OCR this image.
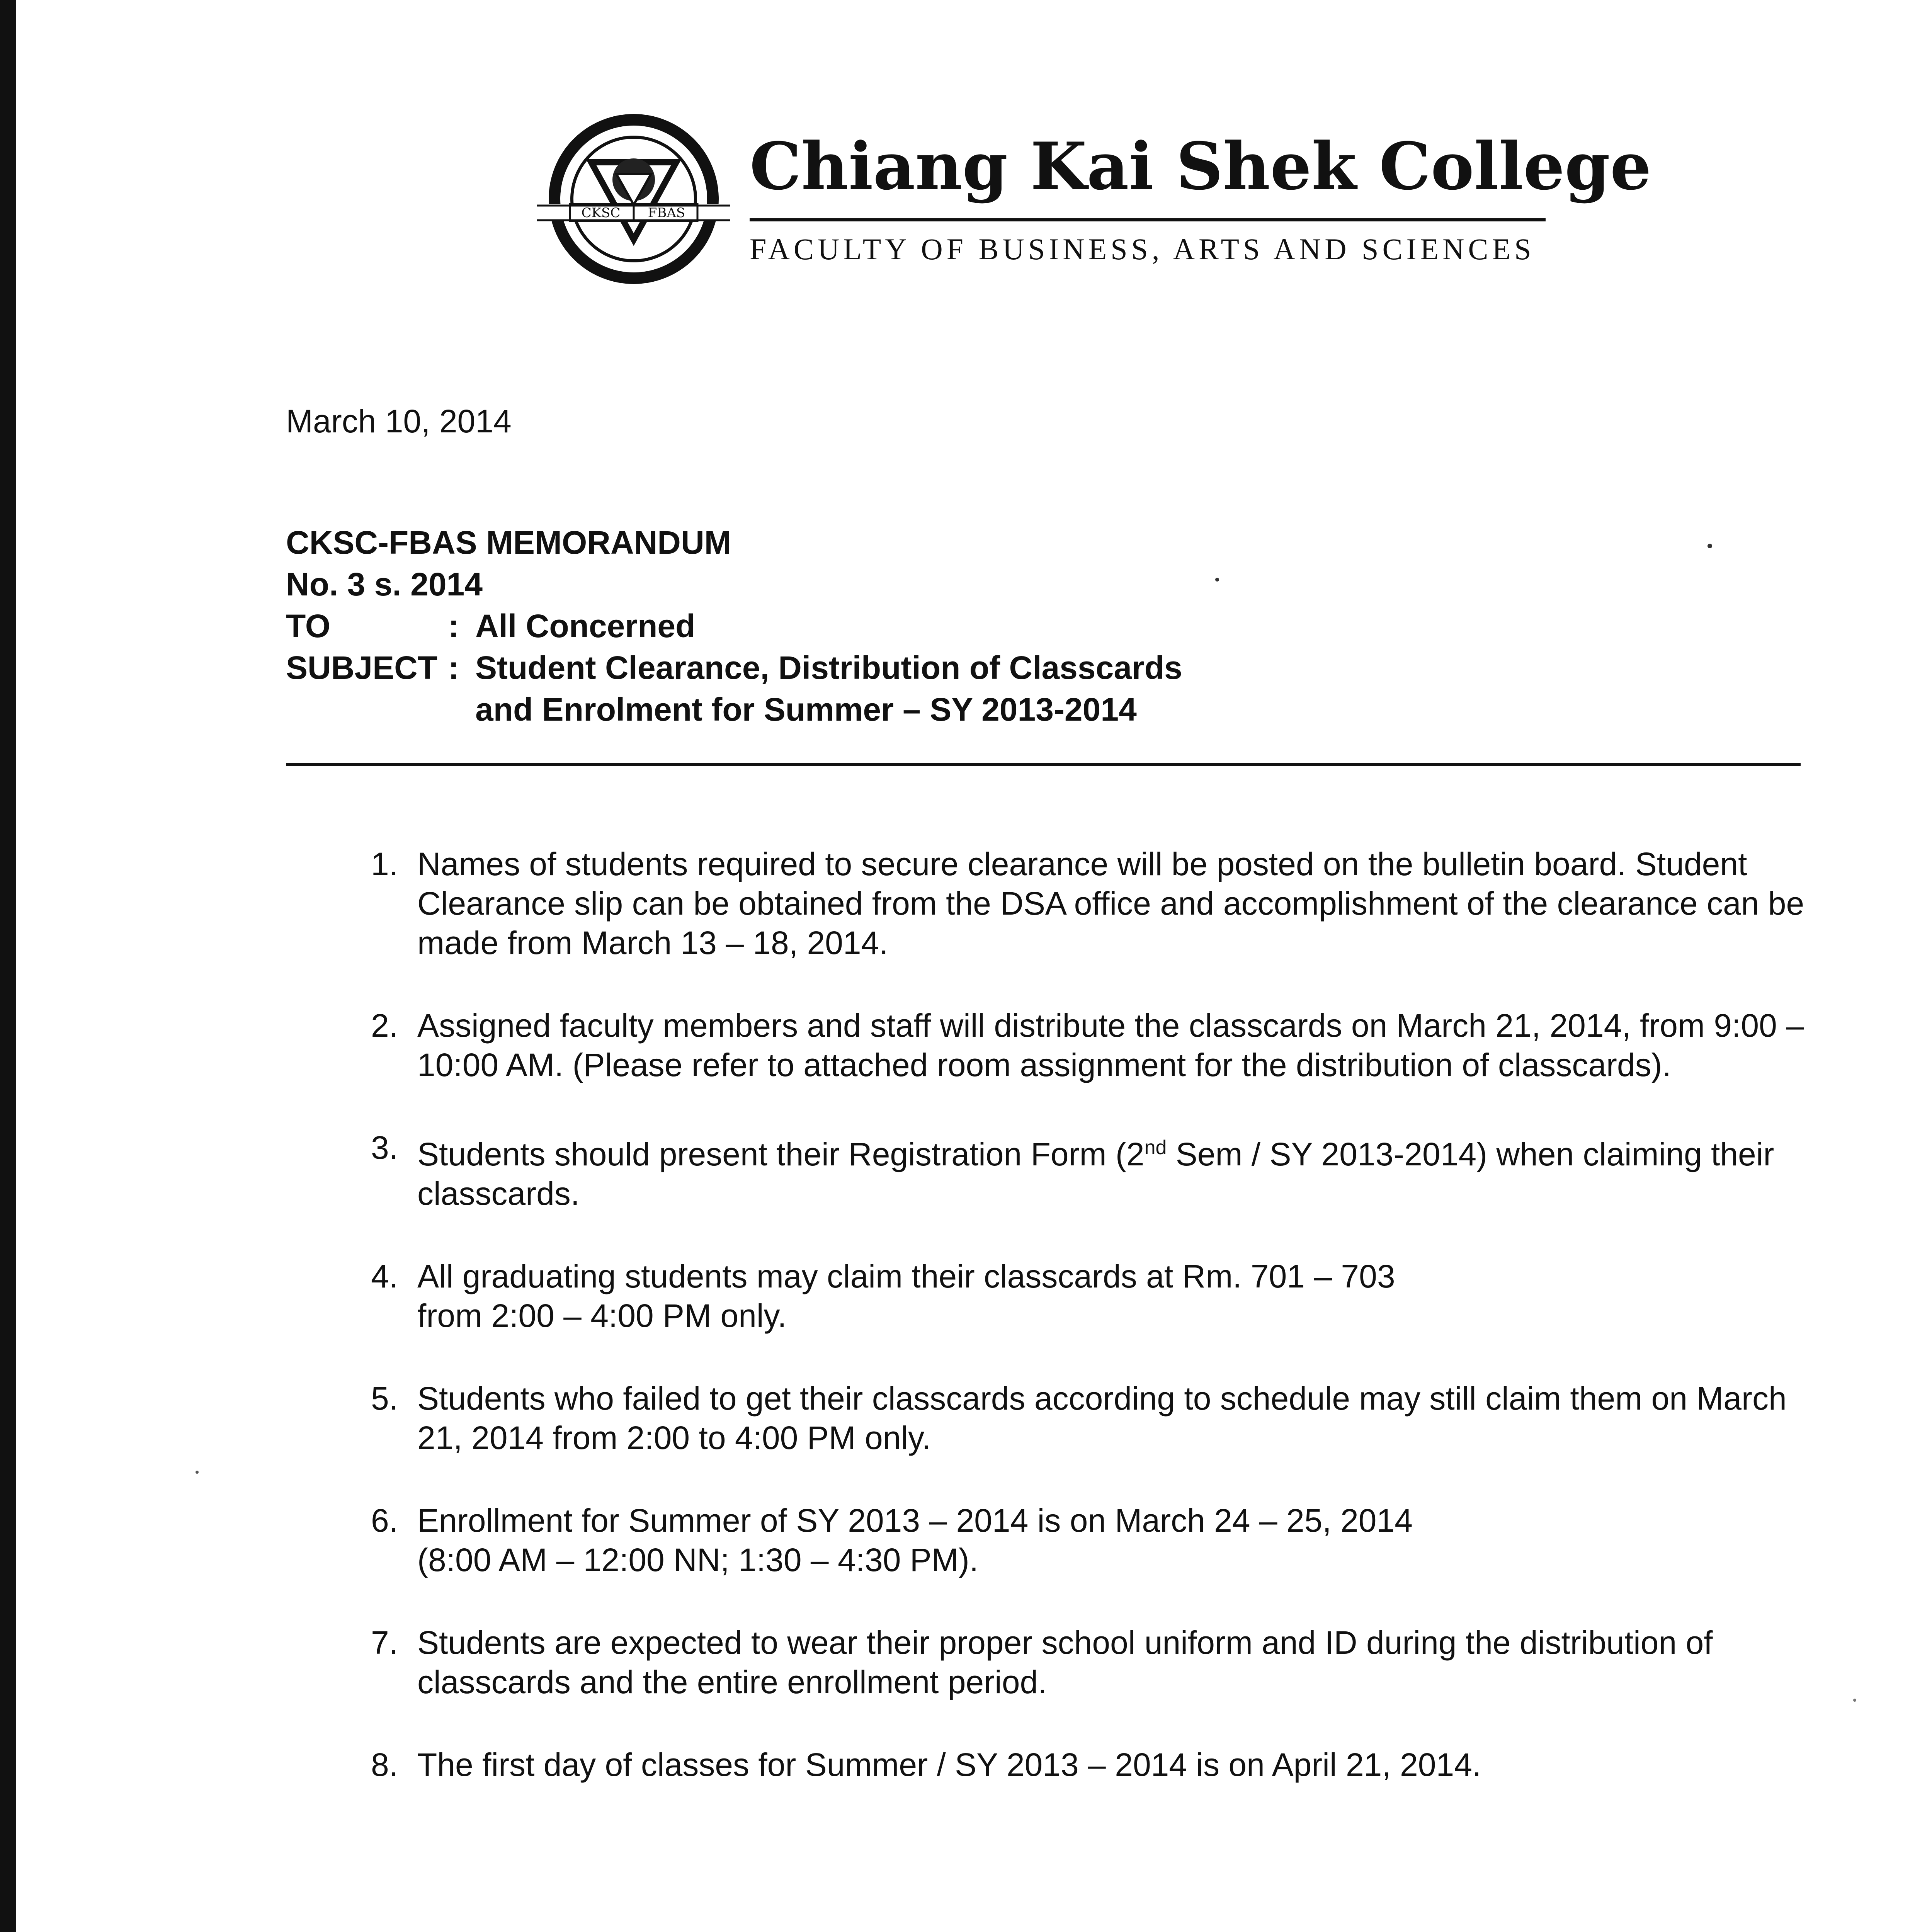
CKSC FBAS
Chiang Kai Shek College
FACULTY OF BUSINESS, ARTS AND SCIENCES
March 10, 2014
CKSC-FBAS MEMORANDUM
No. 3 s. 2014
TO	: All Concerned
SUBJECT : Student Clearance, Distribution of Classcards
and Enrolment for Summer – SY 2013-2014
1. Names of students required to secure clearance will be posted on the bulletin board. Student Clearance slip can be obtained from the DSA office and accomplishment of the clearance can be made from March 13 – 18, 2014.
2. Assigned faculty members and staff will distribute the classcards on March 21, 2014, from 9:00 – 10:00 AM. (Please refer to attached room assignment for the distribution of classcards).
3. Students should present their Registration Form (2nd Sem / SY 2013-2014) when claiming their classcards.
4. All graduating students may claim their classcards at Rm. 701 – 703
from 2:00 – 4:00 PM only.
5. Students who failed to get their classcards according to schedule may still claim them on March 21, 2014 from 2:00 to 4:00 PM only.
6. Enrollment for Summer of SY 2013 – 2014 is on March 24 – 25, 2014
(8:00 AM – 12:00 NN; 1:30 – 4:30 PM).
7. Students are expected to wear their proper school uniform and ID during the distribution of classcards and the entire enrollment period.
8. The first day of classes for Summer / SY 2013 – 2014 is on April 21, 2014.
